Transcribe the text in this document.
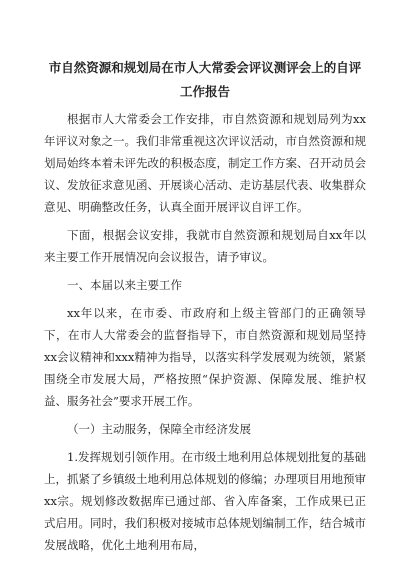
市自然资源和规划局在市人大常委会评议测评会上的自评
工作报告

根据市人大常委会工作安排，市自然资源和规划局列为xx年评议对象之一。我们非常重视这次评议活动，市自然资源和规划局始终本着未评先改的积极态度，制定工作方案、召开动员会议、发放征求意见函、开展谈心活动、走访基层代表、收集群众意见、明确整改任务，认真全面开展评议自评工作。

下面，根据会议安排，我就市自然资源和规划局自xx年以来主要工作开展情况向会议报告，请予审议。

一、本届以来主要工作

xx年以来，在市委、市政府和上级主管部门的正确领导下，在市人大常委会的监督指导下，市自然资源和规划局坚持xx会议精神和xxx精神为指导，以落实科学发展观为统领，紧紧围绕全市发展大局，严格按照“保护资源、保障发展、维护权益、服务社会”要求开展工作。

（一）主动服务，保障全市经济发展

1.发挥规划引领作用。在市级土地利用总体规划批复的基础上，抓紧了乡镇级土地利用总体规划的修编；办理项目用地预审xx宗。规划修改数据库已通过部、省入库备案，工作成果已正式启用。同时，我们积极对接城市总体规划编制工作，结合城市发展战略，优化土地利用布局，
